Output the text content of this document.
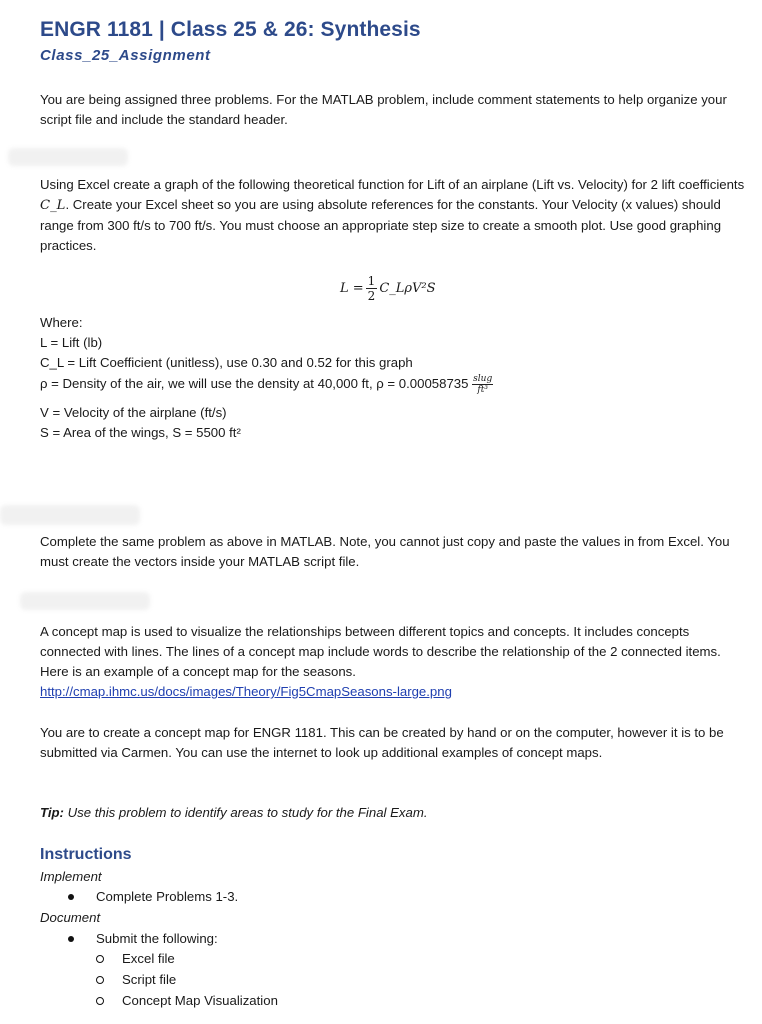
ENGR 1181 | Class 25 & 26: Synthesis
Class_25_Assignment
You are being assigned three problems. For the MATLAB problem, include comment statements to help organize your script file and include the standard header.
Using Excel create a graph of the following theoretical function for Lift of an airplane (Lift vs. Velocity) for 2 lift coefficients C_L. Create your Excel sheet so you are using absolute references for the constants. Your Velocity (x values) should range from 300 ft/s to 700 ft/s. You must choose an appropriate step size to create a smooth plot. Use good graphing practices.
$L = \frac{1}{2}$ C_LρV²S
Where:
L = Lift (lb)
C_L = Lift Coefficient (unitless), use 0.30 and 0.52 for this graph
ρ = Density of the air, we will use the density at 40,000 ft, $\rho = 0.00058735 \frac{\text{slug}}{\text{ft³}}$
V = Velocity of the airplane (ft/s)
S = Area of the wings, S = 5500 ft²
Complete the same problem as above in MATLAB. Note, you cannot just copy and paste the values in from Excel. You must create the vectors inside your MATLAB script file.
A concept map is used to visualize the relationships between different topics and concepts. It includes concepts connected with lines. The lines of a concept map include words to describe the relationship of the 2 connected items. Here is an example of a concept map for the seasons.
http://cmap.ihmc.us/docs/images/Theory/Fig5CmapSeasons-large.png
You are to create a concept map for ENGR 1181. This can be created by hand or on the computer, however it is to be submitted via Carmen. You can use the internet to look up additional examples of concept maps.
Tip: Use this problem to identify areas to study for the Final Exam.
Instructions
Implement
Complete Problems 1-3.
Document
Submit the following:
Excel file
Script file
Concept Map Visualization
